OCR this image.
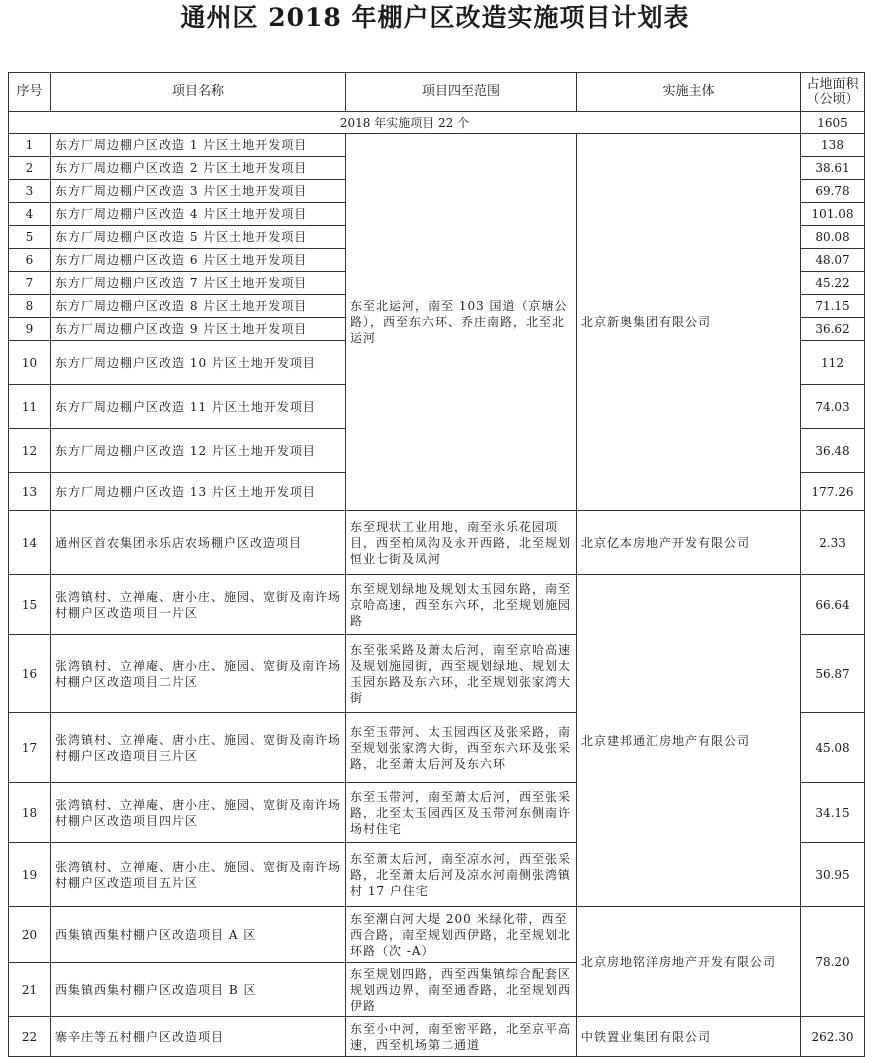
通州区 2018 年棚户区改造实施项目计划表
序号	项目名称	项目四至范围	实施主体	占地面积（公顷）
2018 年实施项目 22 个				1605
1	东方厂周边棚户区改造 1 片区土地开发项目	东至北运河，南至 103 国道（京塘公路），西至东六环、乔庄南路，北至北运河	北京新奥集团有限公司	138
2	东方厂周边棚户区改造 2 片区土地开发项目			38.61
3	东方厂周边棚户区改造 3 片区土地开发项目			69.78
4	东方厂周边棚户区改造 4 片区土地开发项目			101.08
5	东方厂周边棚户区改造 5 片区土地开发项目			80.08
6	东方厂周边棚户区改造 6 片区土地开发项目			48.07
7	东方厂周边棚户区改造 7 片区土地开发项目			45.22
8	东方厂周边棚户区改造 8 片区土地开发项目			71.15
9	东方厂周边棚户区改造 9 片区土地开发项目			36.62
10	东方厂周边棚户区改造 10 片区土地开发项目			112
11	东方厂周边棚户区改造 11 片区土地开发项目			74.03
12	东方厂周边棚户区改造 12 片区土地开发项目			36.48
13	东方厂周边棚户区改造 13 片区土地开发项目			177.26
14	通州区首农集团永乐店农场棚户区改造项目	东至现状工业用地，南至永乐花园项目，西至柏凤沟及永开西路，北至规划恒业七街及凤河	北京亿本房地产开发有限公司	2.33
15	张湾镇村、立禅庵、唐小庄、施园、宽街及南许场村棚户区改造项目一片区	东至规划绿地及规划太玉园东路，南至京哈高速，西至东六环，北至规划施园路	北京建邦通汇房地产有限公司	66.64
16	张湾镇村、立禅庵、唐小庄、施园、宽街及南许场村棚户区改造项目二片区	东至张采路及萧太后河，南至京哈高速及规划施园街，西至规划绿地、规划太玉园东路及东六环，北至规划张家湾大街		56.87
17	张湾镇村、立禅庵、唐小庄、施园、宽街及南许场村棚户区改造项目三片区	东至玉带河、太玉园西区及张采路，南至规划张家湾大街，西至东六环及张采路，北至萧太后河及东六环		45.08
18	张湾镇村、立禅庵、唐小庄、施园、宽街及南许场村棚户区改造项目四片区	东至玉带河，南至萧太后河，西至张采路，北至太玉园西区及玉带河东侧南许场村住宅		34.15
19	张湾镇村、立禅庵、唐小庄、施园、宽街及南许场村棚户区改造项目五片区	东至萧太后河，南至凉水河，西至张采路，北至萧太后河及凉水河南侧张湾镇村 17 户住宅		30.95
20	西集镇西集村棚户区改造项目 A 区	东至潮白河大堤 200 米绿化带，西至西合路，南至规划西伊路，北至规划北环路（次 -A）	北京房地铭洋房地产开发有限公司	78.20
21	西集镇西集村棚户区改造项目 B 区	东至规划四路，西至西集镇综合配套区规划西边界，南至通香路，北至规划西伊路		
22	寨辛庄等五村棚户区改造项目	东至小中河，南至密平路，北至京平高速，西至机场第二通道	中铁置业集团有限公司	262.30
